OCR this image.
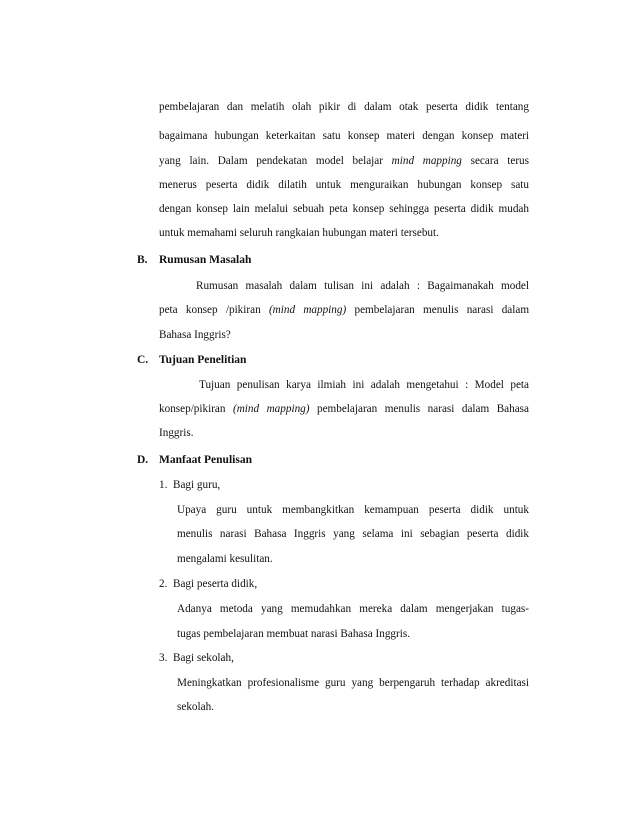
pembelajaran dan melatih olah pikir di dalam otak peserta didik tentang
bagaimana hubungan keterkaitan satu konsep materi dengan konsep materi
yang lain. Dalam pendekatan model belajar mind mapping secara terus
menerus peserta didik dilatih untuk menguraikan hubungan konsep satu
dengan konsep lain melalui sebuah peta konsep sehingga peserta didik mudah
untuk memahami seluruh rangkaian hubungan materi tersebut.
B. Rumusan Masalah
Rumusan masalah dalam tulisan ini adalah : Bagaimanakah model
peta konsep /pikiran (mind mapping) pembelajaran menulis narasi dalam
Bahasa Inggris?
C. Tujuan Penelitian
Tujuan penulisan karya ilmiah ini adalah mengetahui : Model peta
konsep/pikiran (mind mapping) pembelajaran menulis narasi dalam Bahasa
Inggris.
D. Manfaat Penulisan
1. Bagi guru,
Upaya guru untuk membangkitkan kemampuan peserta didik untuk
menulis narasi Bahasa Inggris yang selama ini sebagian peserta didik
mengalami kesulitan.
2. Bagi peserta didik,
Adanya metoda yang memudahkan mereka dalam mengerjakan tugas-
tugas pembelajaran membuat narasi Bahasa Inggris.
3. Bagi sekolah,
Meningkatkan profesionalisme guru yang berpengaruh terhadap akreditasi
sekolah.
